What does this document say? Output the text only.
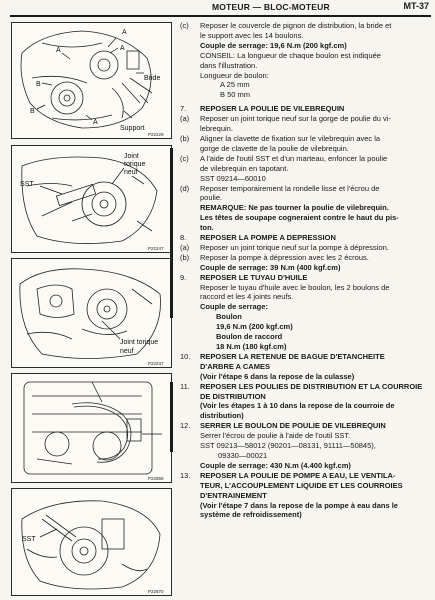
MOTEUR — BLOC-MOTEUR	MT-37
A
A
A
A
B
B
Bride
Support
P22229
Joint
torique
neuf
SST
P22247
Joint torique
neuf
P22237
P22858
SST
P22870
(c)	Reposer le couvercle de pignon de distribution, la bride et
le support avec les 14 boulons.
Couple de serrage: 19,6 N.m (200 kgf.cm)
CONSEIL: La longueur de chaque boulon est indiquée
dans l'illustration.
Longueur de boulon:
A 25 mm
B 50 mm
7.	REPOSER LA POULIE DE VILEBREQUIN
(a)	Reposer un joint torique neuf sur la gorge de poulie du vi-
lebrequin.
(b)	Aligner la clavette de fixation sur le vilebrequin avec la
gorge de clavette de la poulie de vilebrequin.
(c)	A l'aide de l'outil SST et d'un marteau, enfoncer la poulie
de vilebrequin en tapotant.
SST 09214—60010
(d)	Reposer temporairement la rondelle lisse et l'écrou de
poulie.
REMARQUE: Ne pas tourner la poulie de vilebrequin.
Les têtes de soupape cogneraient contre le haut du pis-
ton.
8.	REPOSER LA POMPE A DEPRESSION
(a)	Reposer un joint torique neuf sur la pompe à dépression.
(b)	Reposer la pompe à dépression avec les 2 écrous.
Couple de serrage: 39 N.m (400 kgf.cm)
9.	REPOSER LE TUYAU D'HUILE
Reposer le tuyau d'huile avec le boulon, les 2 boulons de
raccord et les 4 joints neufs.
Couple de serrage:
Boulon
19,6 N.m (200 kgf.cm)
Boulon de raccord
18 N.m (180 kgf.cm)
10.	REPOSER LA RETENUE DE BAGUE D'ETANCHEITE
D'ARBRE A CAMES
(Voir l'étape 6 dans la repose de la culasse)
11.	REPOSER LES POULIES DE DISTRIBUTION ET LA COURROIE
DE DISTRIBUTION
(Voir les étapes 1 à 10 dans la repose de la courroie de
distribution)
12.	SERRER LE BOULON DE POULIE DE VILEBREQUIN
Serrer l'écrou de poulie à l'aide de l'outil SST.
SST 09213—58012 (90201—08131, 91111—50845),
09330—00021
Couple de serrage: 430 N.m (4.400 kgf.cm)
13.	REPOSER LA POULIE DE POMPE A EAU, LE VENTILA-
TEUR, L'ACCOUPLEMENT LIQUIDE ET LES COURROIES
D'ENTRAINEMENT
(Voir l'étape 7 dans la repose de la pompe à eau dans le
système de refroidissement)
